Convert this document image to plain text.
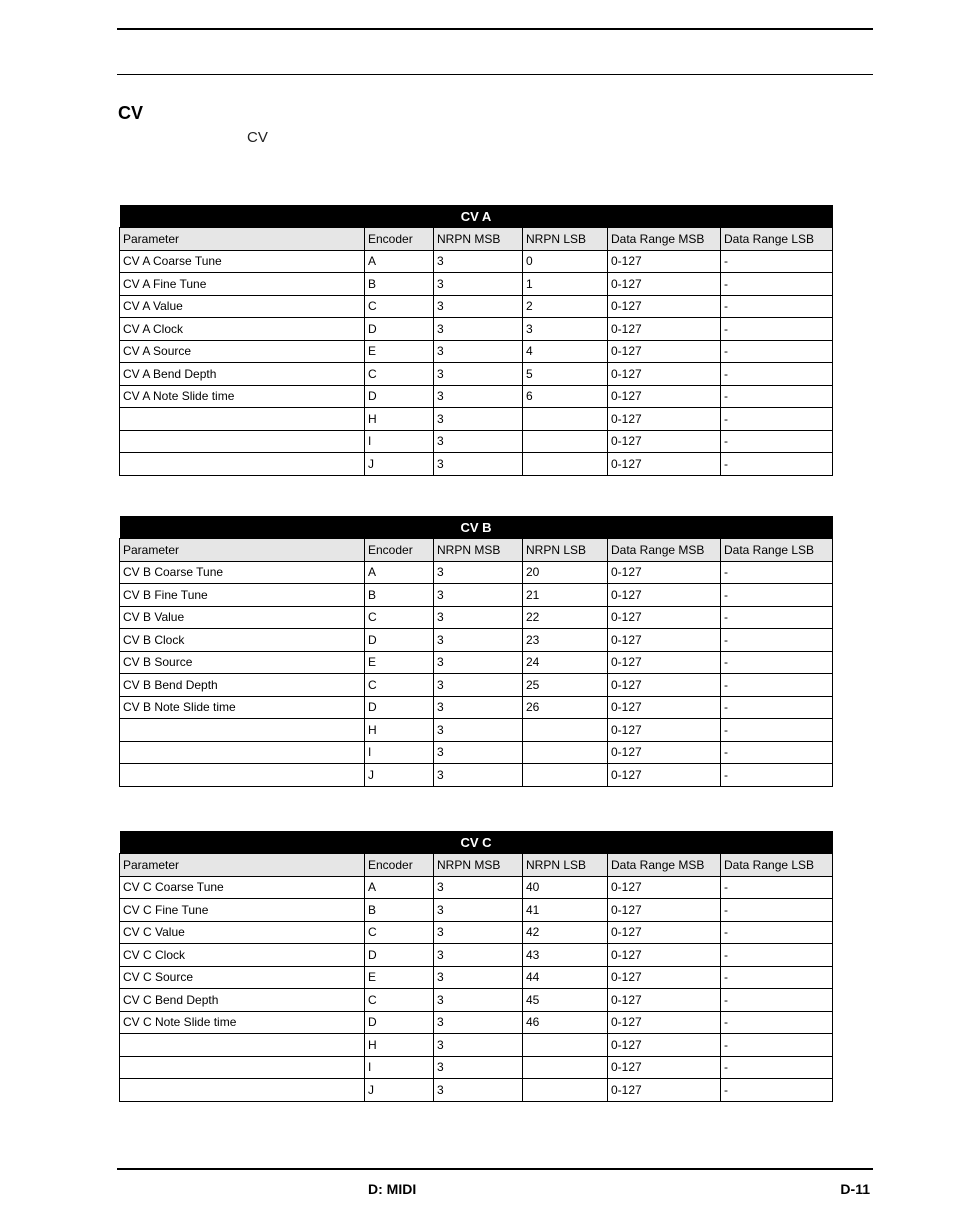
CV
CV
CV A					
Parameter	Encoder	NRPN MSB	NRPN LSB	Data Range MSB	Data Range LSB
CV A Coarse Tune	A	3	0	0-127	-
CV A Fine Tune	B	3	1	0-127	-
CV A Value	C	3	2	0-127	-
CV A Clock	D	3	3	0-127	-
CV A Source	E	3	4	0-127	-
CV A Bend Depth	C	3	5	0-127	-
CV A Note Slide time	D	3	6	0-127	-
	H	3		0-127	-
	I	3		0-127	-
	J	3		0-127	-
CV B					
Parameter	Encoder	NRPN MSB	NRPN LSB	Data Range MSB	Data Range LSB
CV B Coarse Tune	A	3	20	0-127	-
CV B Fine Tune	B	3	21	0-127	-
CV B Value	C	3	22	0-127	-
CV B Clock	D	3	23	0-127	-
CV B Source	E	3	24	0-127	-
CV B Bend Depth	C	3	25	0-127	-
CV B Note Slide time	D	3	26	0-127	-
	H	3		0-127	-
	I	3		0-127	-
	J	3		0-127	-
CV C					
Parameter	Encoder	NRPN MSB	NRPN LSB	Data Range MSB	Data Range LSB
CV C Coarse Tune	A	3	40	0-127	-
CV C Fine Tune	B	3	41	0-127	-
CV C Value	C	3	42	0-127	-
CV C Clock	D	3	43	0-127	-
CV C Source	E	3	44	0-127	-
CV C Bend Depth	C	3	45	0-127	-
CV C Note Slide time	D	3	46	0-127	-
	H	3		0-127	-
	I	3		0-127	-
	J	3		0-127	-
D: MIDI	D-11
